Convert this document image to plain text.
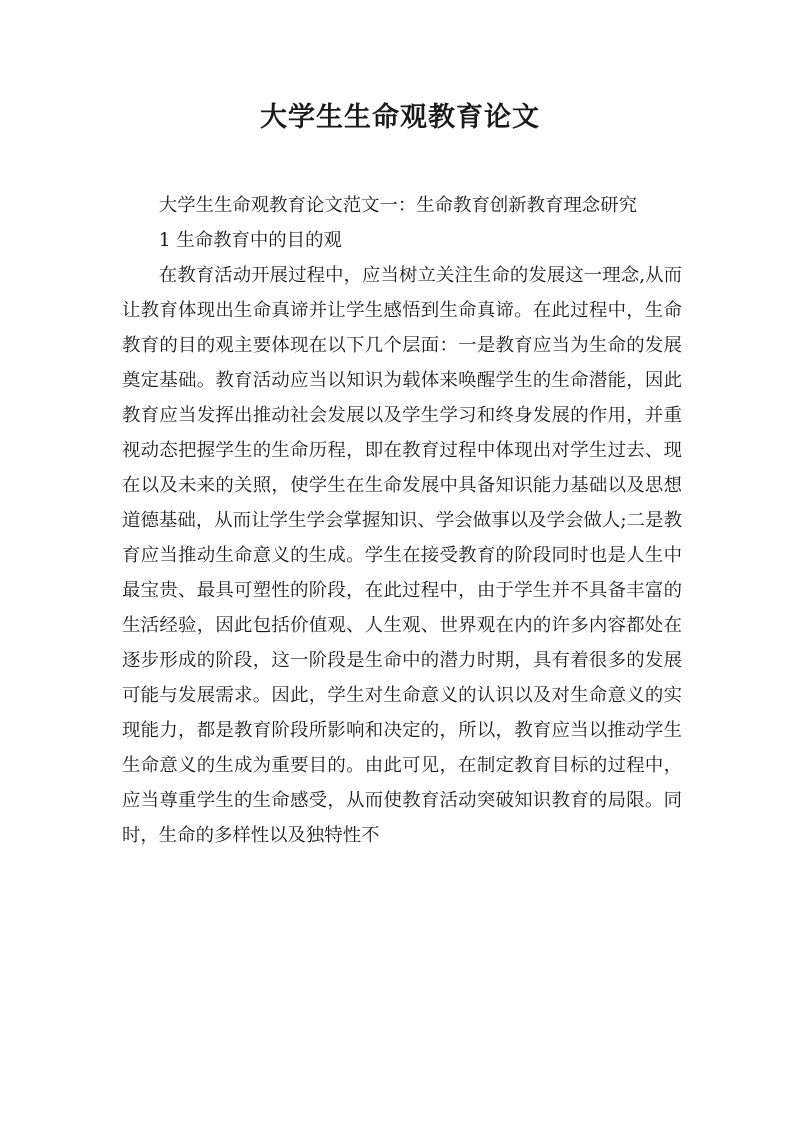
大学生生命观教育论文

大学生生命观教育论文范文一：生命教育创新教育理念研究

1 生命教育中的目的观

在教育活动开展过程中，应当树立关注生命的发展这一理念,从而让教育体现出生命真谛并让学生感悟到生命真谛。在此过程中，生命教育的目的观主要体现在以下几个层面：一是教育应当为生命的发展奠定基础。教育活动应当以知识为载体来唤醒学生的生命潜能，因此教育应当发挥出推动社会发展以及学生学习和终身发展的作用，并重视动态把握学生的生命历程，即在教育过程中体现出对学生过去、现在以及未来的关照，使学生在生命发展中具备知识能力基础以及思想道德基础，从而让学生学会掌握知识、学会做事以及学会做人;二是教育应当推动生命意义的生成。学生在接受教育的阶段同时也是人生中最宝贵、最具可塑性的阶段，在此过程中，由于学生并不具备丰富的生活经验，因此包括价值观、人生观、世界观在内的许多内容都处在逐步形成的阶段，这一阶段是生命中的潜力时期，具有着很多的发展可能与发展需求。因此，学生对生命意义的认识以及对生命意义的实现能力，都是教育阶段所影响和决定的，所以，教育应当以推动学生生命意义的生成为重要目的。由此可见，在制定教育目标的过程中，应当尊重学生的生命感受，从而使教育活动突破知识教育的局限。同时，生命的多样性以及独特性不
